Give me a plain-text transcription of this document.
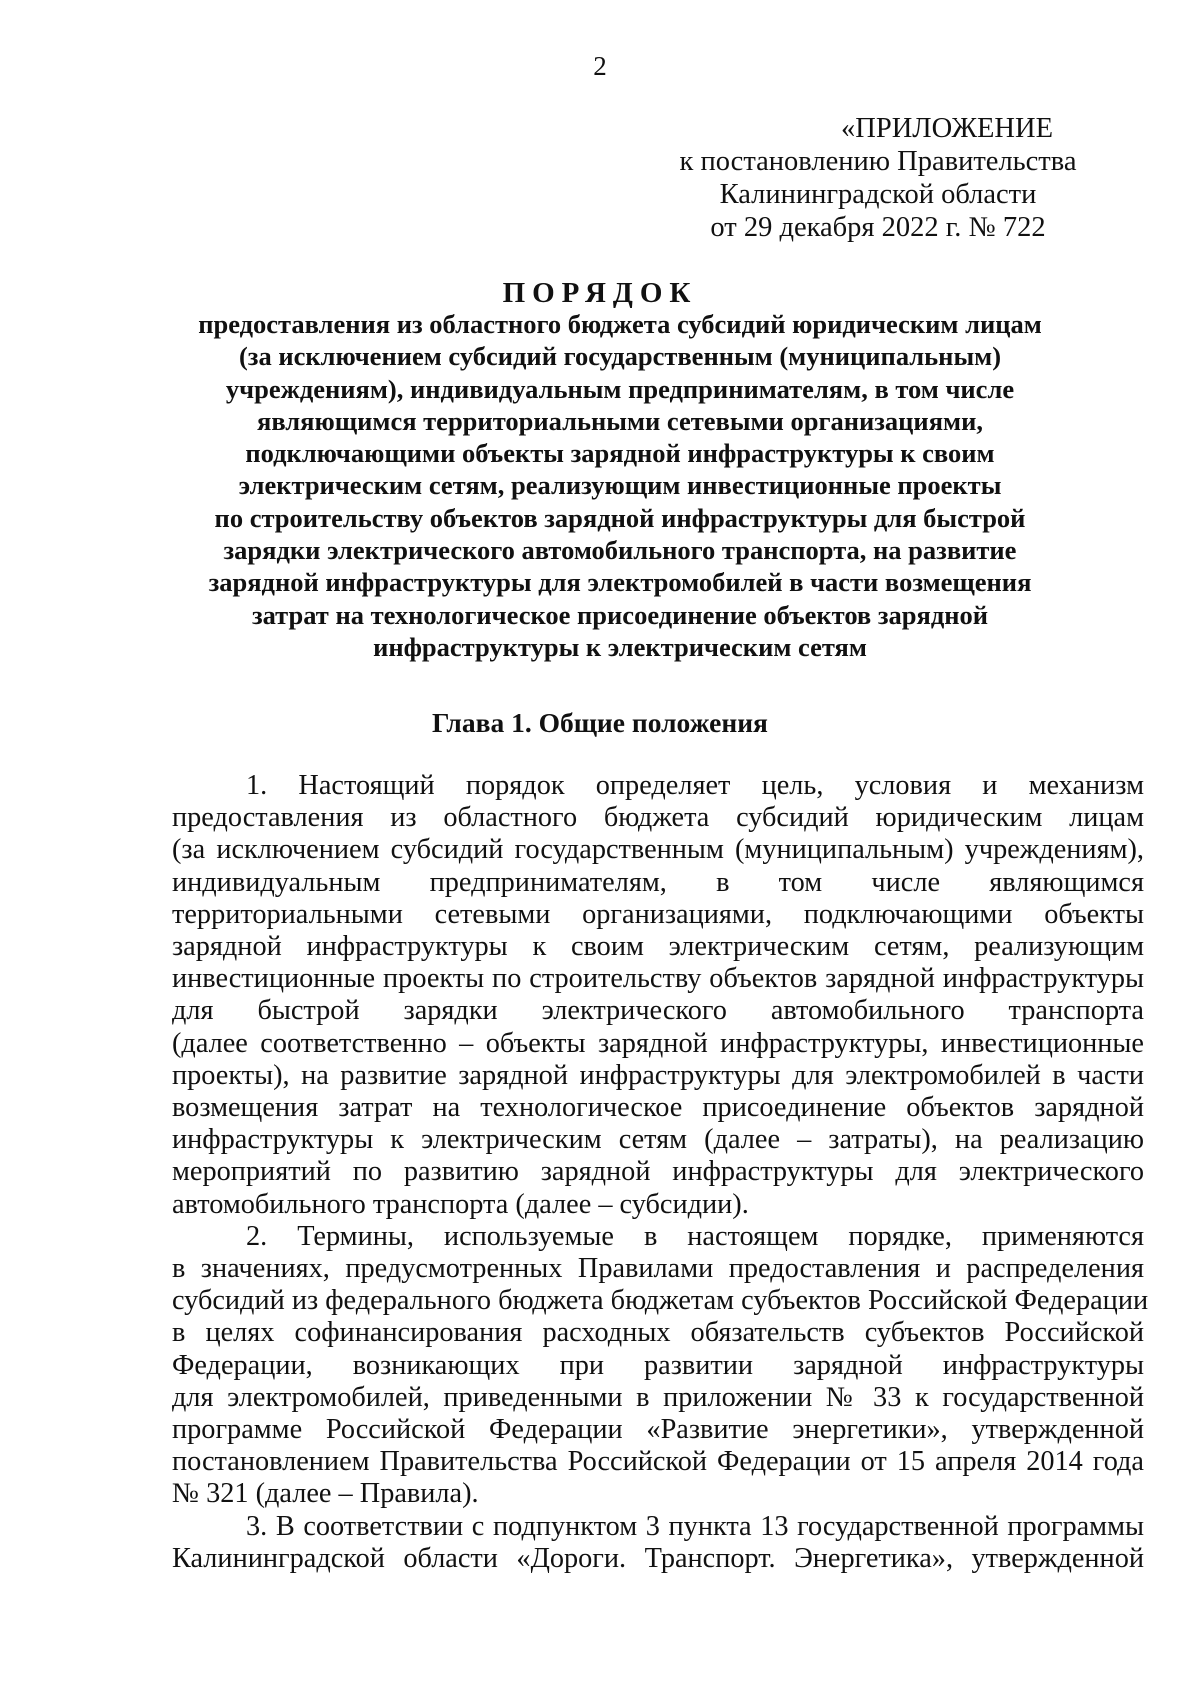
2
«ПРИЛОЖЕНИЕ
к постановлению Правительства
Калининградской области
от 29 декабря 2022 г. № 722
ПОРЯДОК
предоставления из областного бюджета субсидий юридическим лицам
(за исключением субсидий государственным (муниципальным)
учреждениям), индивидуальным предпринимателям, в том числе
являющимся территориальными сетевыми организациями,
подключающими объекты зарядной инфраструктуры к своим
электрическим сетям, реализующим инвестиционные проекты
по строительству объектов зарядной инфраструктуры для быстрой
зарядки электрического автомобильного транспорта, на развитие
зарядной инфраструктуры для электромобилей в части возмещения
затрат на технологическое присоединение объектов зарядной
инфраструктуры к электрическим сетям
Глава 1. Общие положения
1. Настоящий порядок определяет цель, условия и механизм
предоставления из областного бюджета субсидий юридическим лицам
(за исключением субсидий государственным (муниципальным) учреждениям),
индивидуальным предпринимателям, в том числе являющимся
территориальными сетевыми организациями, подключающими объекты
зарядной инфраструктуры к своим электрическим сетям, реализующим
инвестиционные проекты по строительству объектов зарядной инфраструктуры
для быстрой зарядки электрического автомобильного транспорта
(далее соответственно – объекты зарядной инфраструктуры, инвестиционные
проекты), на развитие зарядной инфраструктуры для электромобилей в части
возмещения затрат на технологическое присоединение объектов зарядной
инфраструктуры к электрическим сетям (далее – затраты), на реализацию
мероприятий по развитию зарядной инфраструктуры для электрического
автомобильного транспорта (далее – субсидии).
2. Термины, используемые в настоящем порядке, применяются
в значениях, предусмотренных Правилами предоставления и распределения
субсидий из федерального бюджета бюджетам субъектов Российской Федерации
в целях софинансирования расходных обязательств субъектов Российской
Федерации, возникающих при развитии зарядной инфраструктуры
для электромобилей, приведенными в приложении № 33 к государственной
программе Российской Федерации «Развитие энергетики», утвержденной
постановлением Правительства Российской Федерации от 15 апреля 2014 года
№ 321 (далее – Правила).
3. В соответствии с подпунктом 3 пункта 13 государственной программы
Калининградской области «Дороги. Транспорт. Энергетика», утвержденной
